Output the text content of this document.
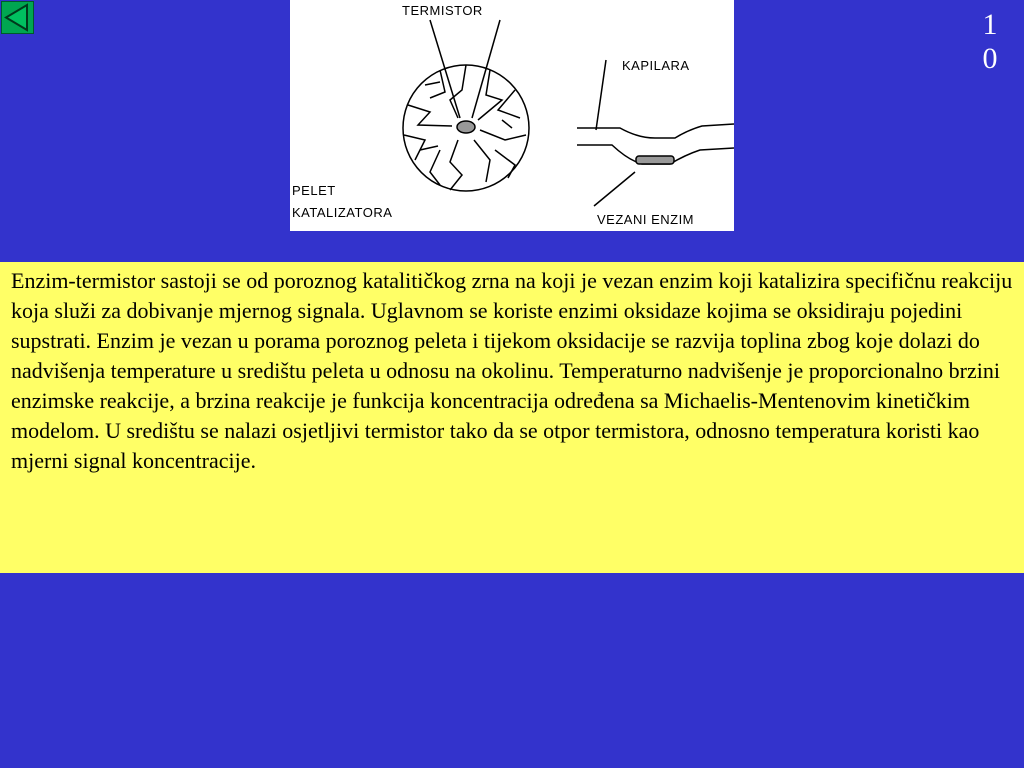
1
0
TERMISTOR
KAPILARA
PELET
KATALIZATORA	VEZANI ENZIM
Enzim-termistor sastoji se od poroznog katalitičkog zrna na koji je vezan enzim koji katalizira specifičnu reakciju koja služi za dobivanje mjernog signala. Uglavnom se koriste enzimi oksidaze kojima se oksidiraju pojedini supstrati. Enzim je vezan u porama poroznog peleta i tijekom oksidacije se razvija toplina zbog koje dolazi do nadvišenja temperature u središtu peleta u odnosu na okolinu. Temperaturno nadvišenje je proporcionalno brzini enzimske reakcije, a brzina reakcije je funkcija koncentracija određena sa Michaelis-Mentenovim kinetičkim modelom. U središtu se nalazi osjetljivi termistor tako da se otpor termistora, odnosno temperatura koristi kao mjerni signal koncentracije.
